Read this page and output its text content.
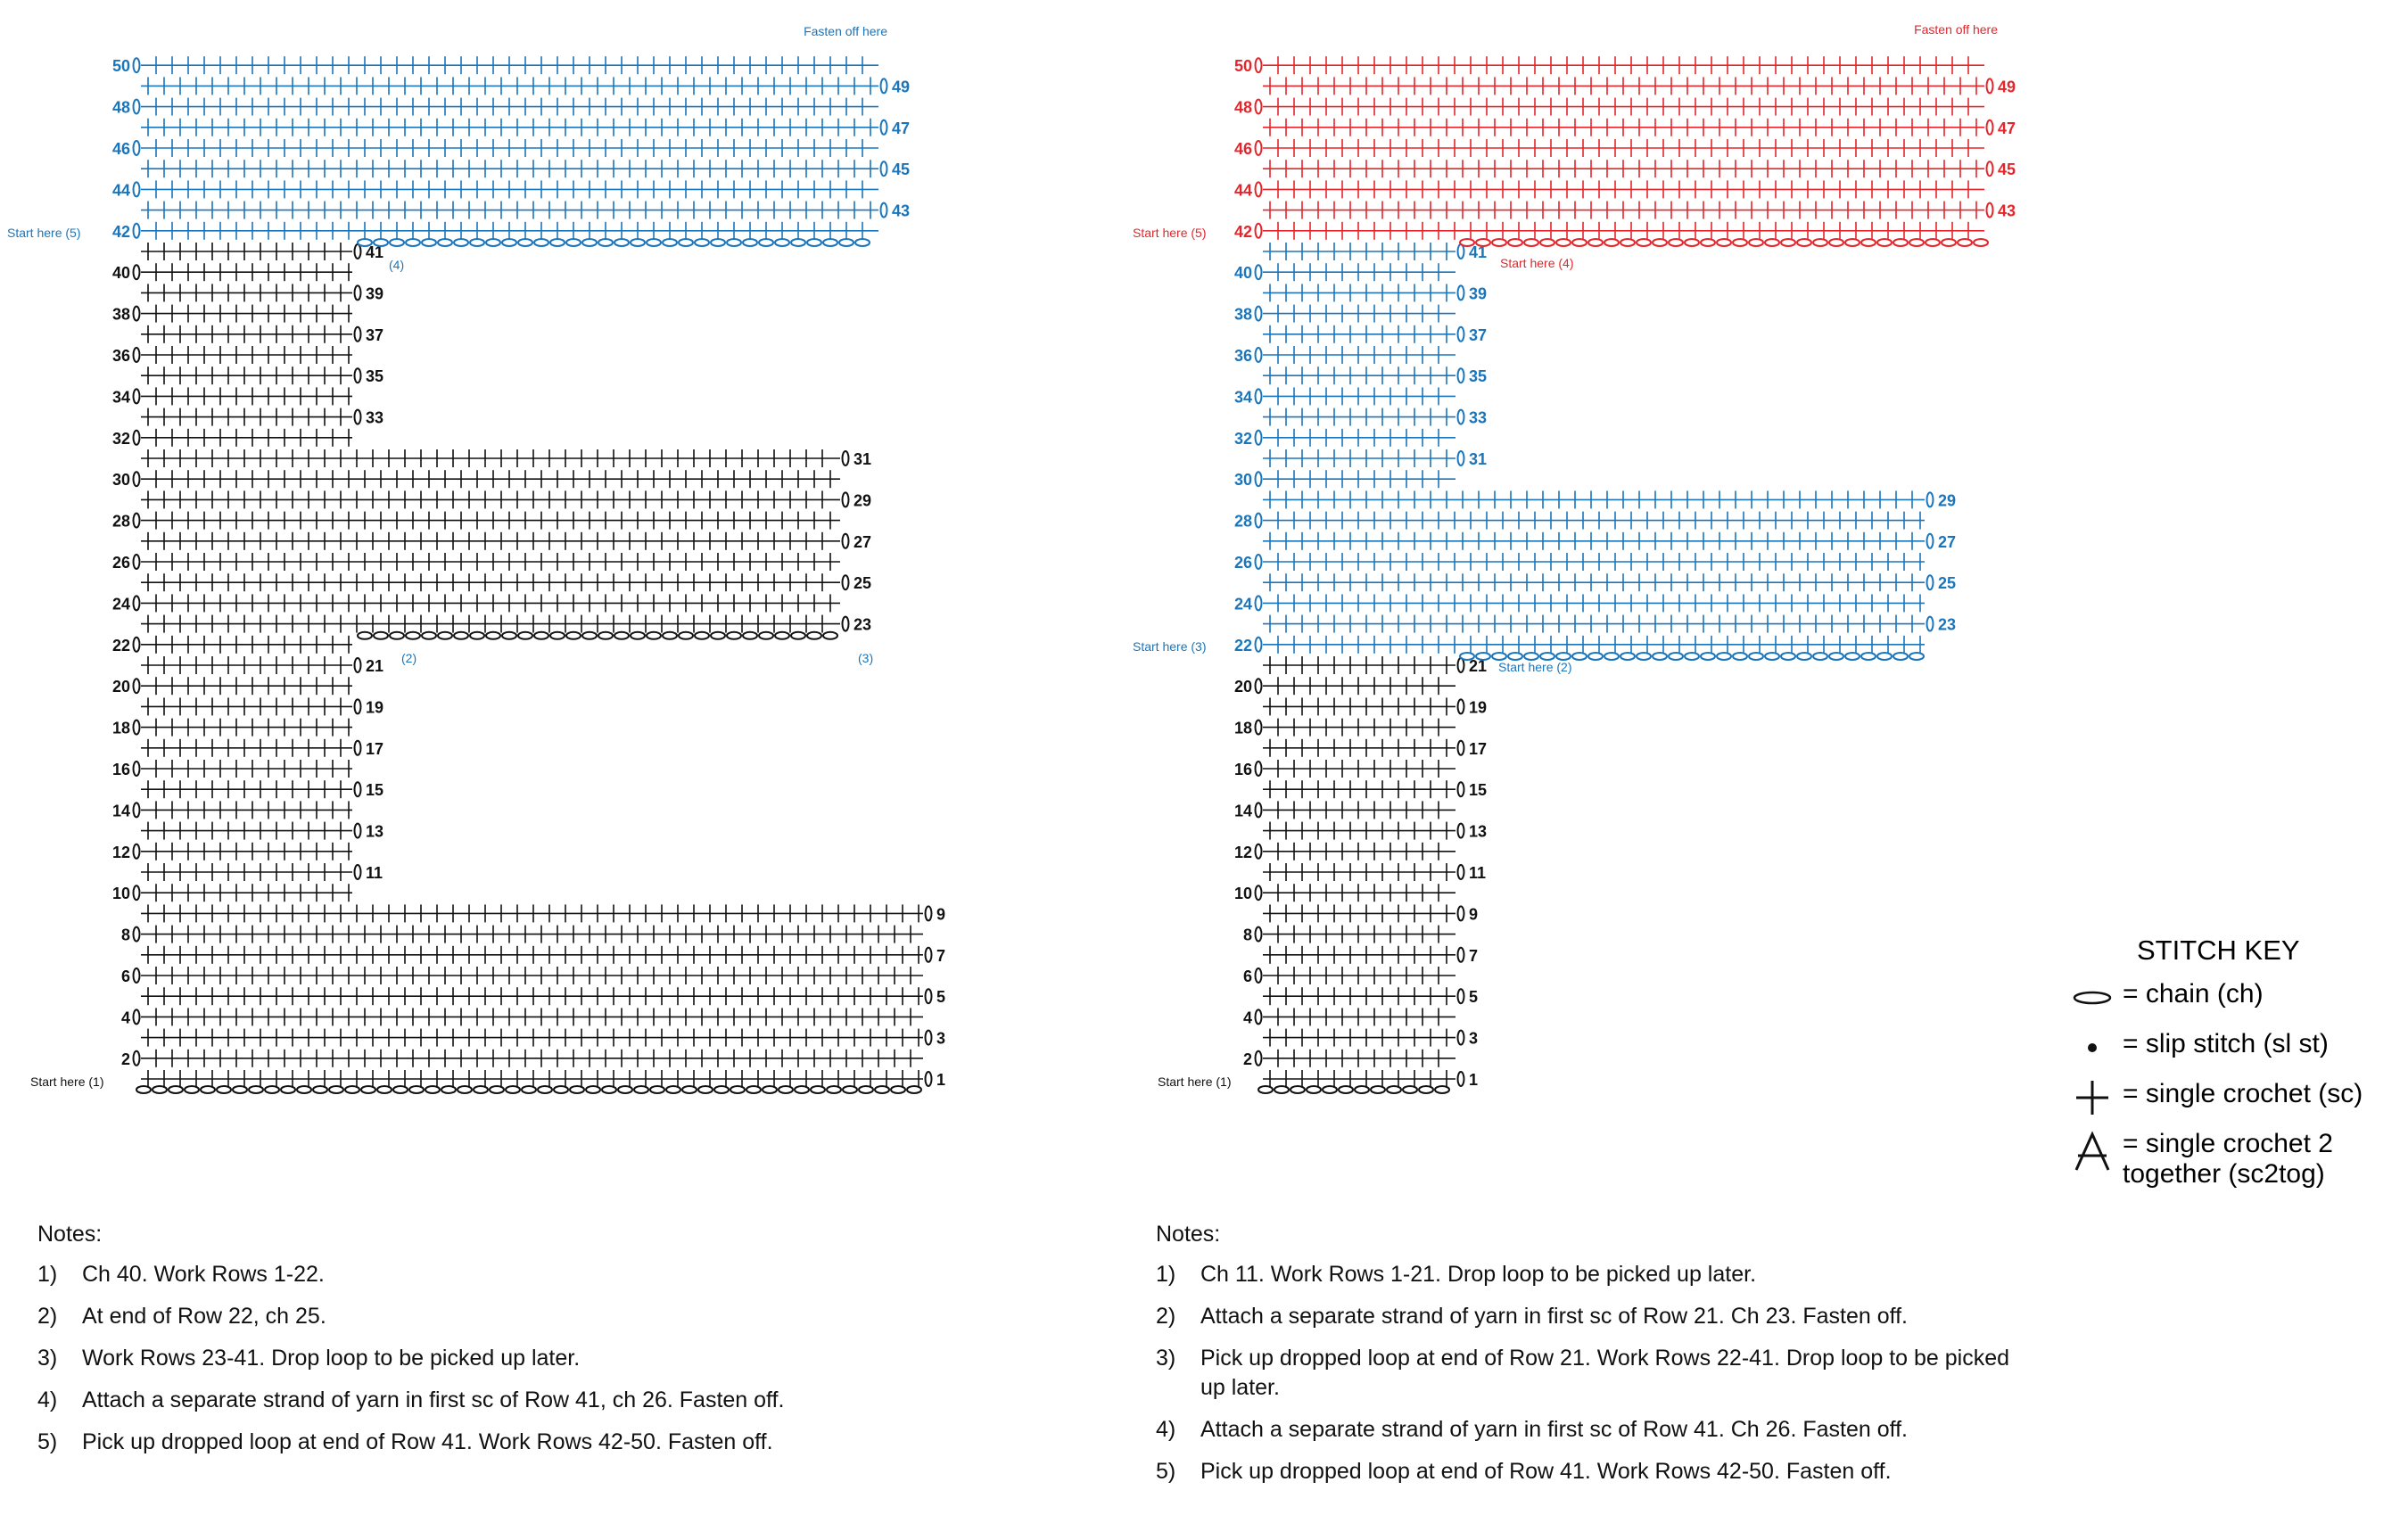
1
2
3
4
5
6
7
8
9
10
11
12
13
14
15
16
17
18
19
20
21
22
23
24
25
26
27
28
29
30
31
32
33
34
35
36
37
38
39
40
41
42
43
44
45
46
47
48
49
50
Start here (1)
Start here (5)
Fasten off here
(2)	(3)
(4)
1
2
3
4
5
6
7
8
9
10
11
12
13
14
15
16
17
18
19
20
21
22
23
24
25
26
27
28
29
30
31
32
33
34
35
36
37
38
39
40
41
42
43
44
45
46
47
48
49
50
Start here (1)
Start here (3)
Start here (5)
Start here (2)
Start here (4)
Fasten off here
Notes:
1)	Ch 40. Work Rows 1-22.
2)	At end of Row 22, ch 25.
3)	Work Rows 23-41. Drop loop to be picked up later.
4)	Attach a separate strand of yarn in first sc of Row 41, ch 26. Fasten off.
5)	Pick up dropped loop at end of Row 41. Work Rows 42-50. Fasten off.
Notes:
1)	Ch 11. Work Rows 1-21. Drop loop to be picked up later.
2)	Attach a separate strand of yarn in first sc of Row 21. Ch 23. Fasten off.
3)	Pick up dropped loop at end of Row 21. Work Rows 22-41. Drop loop to be picked up later.
4)	Attach a separate strand of yarn in first sc of Row 41. Ch 26. Fasten off.
5)	Pick up dropped loop at end of Row 41. Work Rows 42-50. Fasten off.
STITCH KEY
= chain (ch)
= slip stitch (sl st)
= single crochet (sc)
= single crochet 2 together (sc2tog)
